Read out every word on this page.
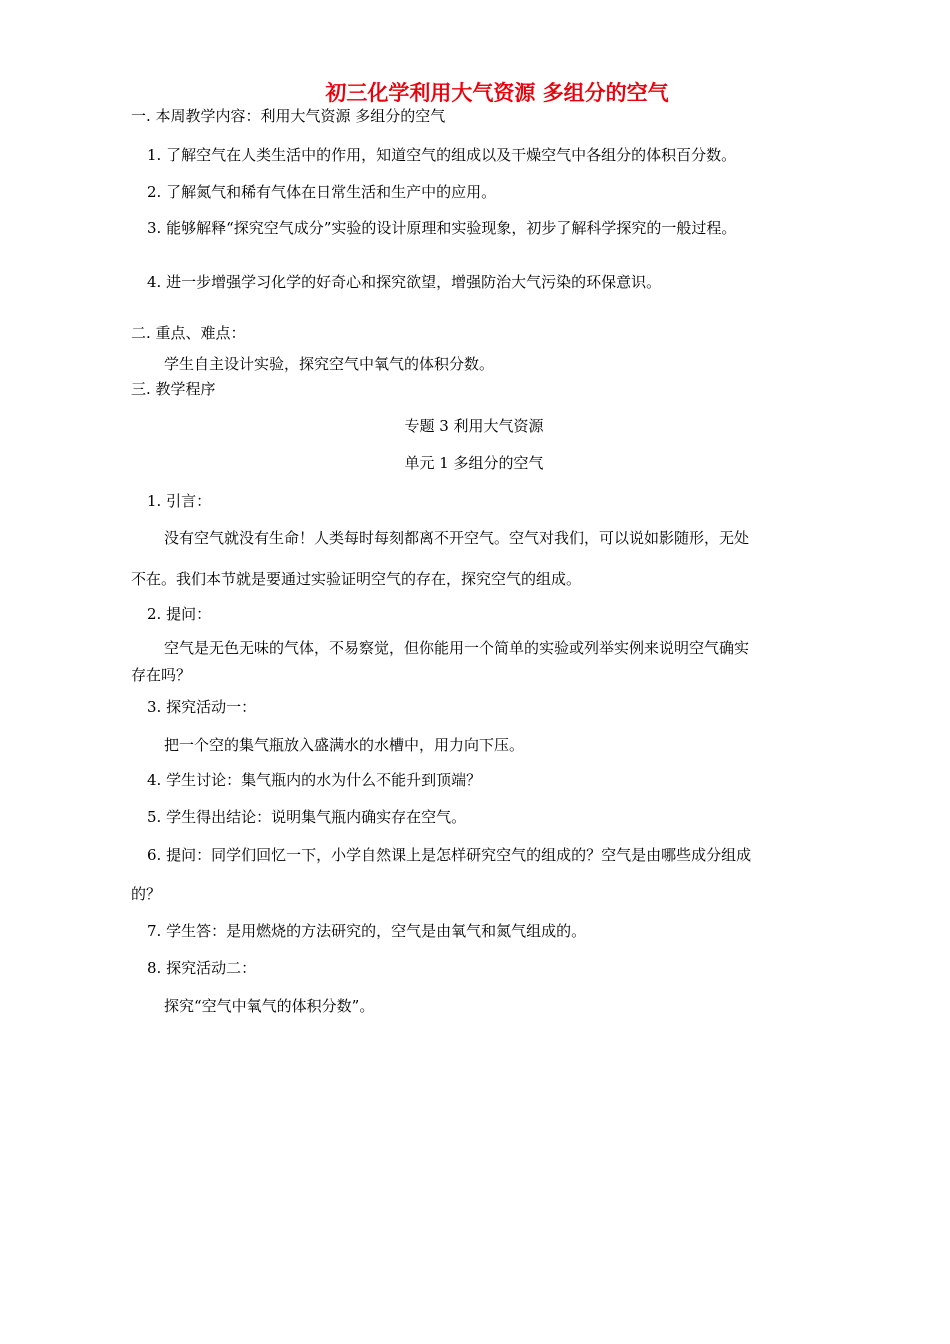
初三化学利用大气资源 多组分的空气
一. 本周教学内容：利用大气资源 多组分的空气
1. 了解空气在人类生活中的作用，知道空气的组成以及干燥空气中各组分的体积百分数。
2. 了解氮气和稀有气体在日常生活和生产中的应用。
3. 能够解释“探究空气成分”实验的设计原理和实验现象，初步了解科学探究的一般过程。
4. 进一步增强学习化学的好奇心和探究欲望，增强防治大气污染的环保意识。
二. 重点、难点：
学生自主设计实验，探究空气中氧气的体积分数。
三. 教学程序
专题 3 利用大气资源
单元 1 多组分的空气
1. 引言：
没有空气就没有生命！人类每时每刻都离不开空气。空气对我们，可以说如影随形，无处
不在。我们本节就是要通过实验证明空气的存在，探究空气的组成。
2. 提问：
空气是无色无味的气体，不易察觉，但你能用一个简单的实验或列举实例来说明空气确实
存在吗？
3. 探究活动一：
把一个空的集气瓶放入盛满水的水槽中，用力向下压。
4. 学生讨论：集气瓶内的水为什么不能升到顶端？
5. 学生得出结论：说明集气瓶内确实存在空气。
6. 提问：同学们回忆一下，小学自然课上是怎样研究空气的组成的？空气是由哪些成分组成
的？
7. 学生答：是用燃烧的方法研究的，空气是由氧气和氮气组成的。
8. 探究活动二：
探究“空气中氧气的体积分数”。
